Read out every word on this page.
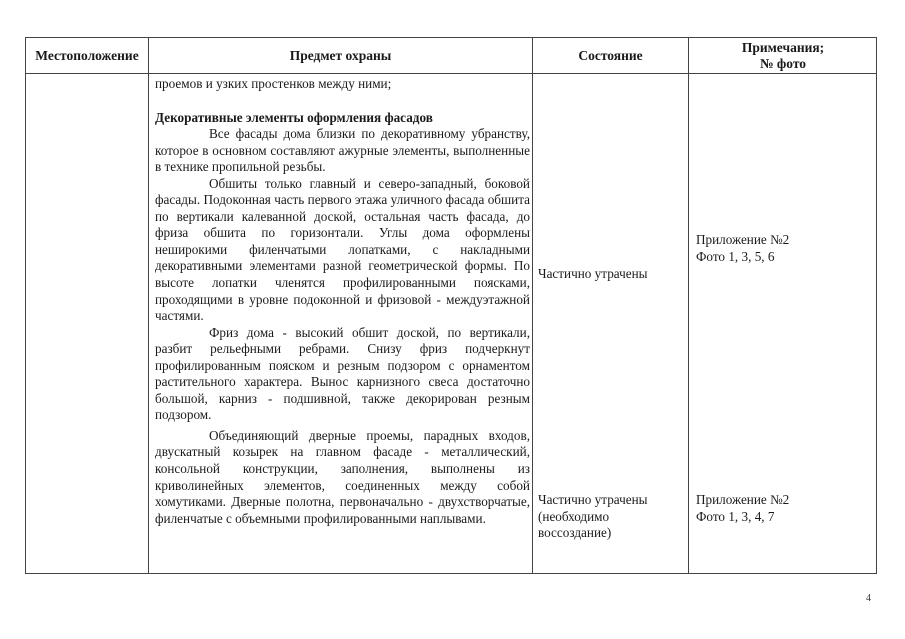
Местоположение	Предмет охраны	Состояние
Примечания;
№ фото

проемов и узких простенков между ними;

Декоративные элементы оформления фасадов

Все фасады дома близки по декоративному убранству, которое в основном составляют ажурные элементы, выполненные в технике пропильной резьбы.

Обшиты только главный и северо-западный, боковой фасады. Подоконная часть первого этажа уличного фасада обшита по вертикали калеванной доской, остальная часть фасада, до фриза обшита по горизонтали. Углы дома оформлены неширокими филенчатыми лопатками, с накладными декоративными элементами разной геометрической формы. По высоте лопатки членятся профилированными поясками, проходящими в уровне подоконной и фризовой - междуэтажной частями.

Фриз дома - высокий обшит доской, по вертикали, разбит рельефными ребрами. Снизу фриз подчеркнут профилированным пояском и резным подзором с орнаментом растительного характера. Вынос карнизного свеса достаточно большой, карниз - подшивной, также декорирован резным подзором.

Объединяющий дверные проемы, парадных входов, двускатный козырек на главном фасаде - металлический, консольной конструкции, заполнения, выполнены из криволинейных элементов, соединенных между собой хомутиками. Дверные полотна, первоначально - двухстворчатые, филенчатые с объемными профилированными наплывами.

Частично утрачены
Приложение №2
Фото 1, 3, 5, 6
Частично утрачены
(необходимо
воссоздание)
Приложение №2
Фото 1, 3, 4, 7
4
